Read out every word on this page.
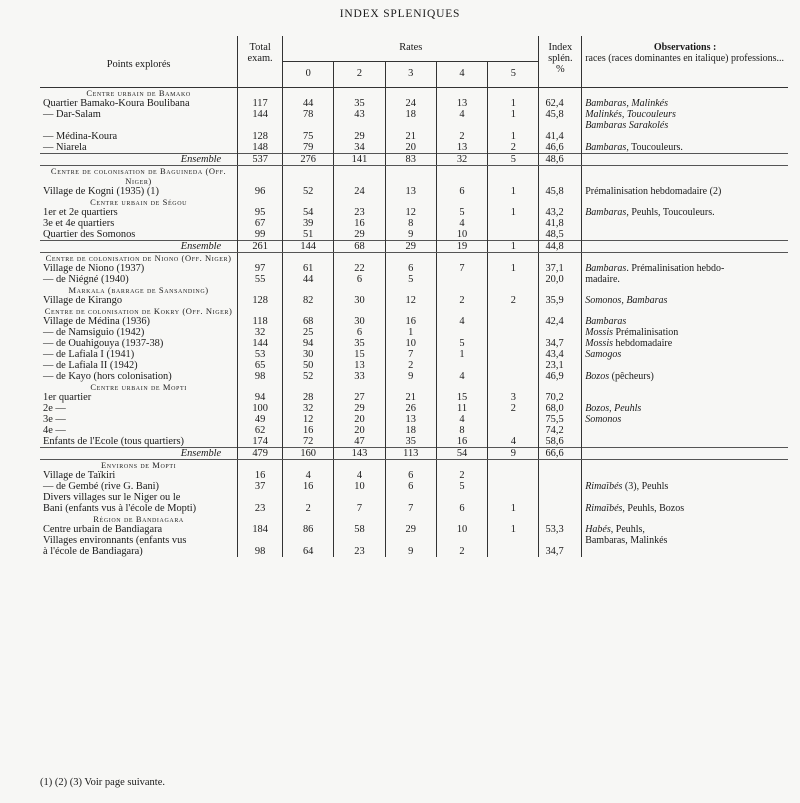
INDEX SPLENIQUES
Points explorés	Total
exam.	Rates					Index
splén.
%	Observations :
races (races dominantes en italique) professions...
		0	2	3	4	5		
Centre urbain de Bamako								
Quartier Bamako-Koura Boulibana	117	44	35	24	13	1	62,4	Bambaras, Malinkés
— Dar-Salam	144	78	43	18	4	1	45,8	Malinkés, Toucouleurs
								Bambaras Sarakolés
— Médina-Koura	128	75	29	21	2	1	41,4	
— Niarela	148	79	34	20	13	2	46,6	Bambaras, Toucouleurs.
Ensemble	537	276	141	83	32	5	48,6	
Centre de colonisation de Baguineda (Off. Niger)								
Village de Kogni (1935) (1)	96	52	24	13	6	1	45,8	Prémalinisation hebdomadaire (2)
Centre urbain de Ségou								
1er et 2e quartiers	95	54	23	12	5	1	43,2	Bambaras, Peuhls, Toucouleurs.
3e et 4e quartiers	67	39	16	8	4		41,8	
Quartier des Somonos	99	51	29	9	10		48,5	
Ensemble	261	144	68	29	19	1	44,8	
Centre de colonisation de Niono (Off. Niger)								
Village de Niono (1937)	97	61	22	6	7	1	37,1	Bambaras. Prémalinisation hebdo-
— de Niégné (1940)	55	44	6	5			20,0	madaire.
Markala (barrage de Sansanding)								
Village de Kirango	128	82	30	12	2	2	35,9	Somonos, Bambaras
Centre de colonisation de Kokry (Off. Niger)								
Village de Médina (1936)	118	68	30	16	4		42,4	Bambaras
— de Namsiguio (1942)	32	25	6	1				Mossis Prémalinisation
— de Ouahigouya (1937-38)	144	94	35	10	5		34,7	Mossis hebdomadaire
— de Lafiala I (1941)	53	30	15	7	1		43,4	Samogos
— de Lafiala II (1942)	65	50	13	2			23,1	
— de Kayo (hors colonisation)	98	52	33	9	4		46,9	Bozos (pêcheurs)
Centre urbain de Mopti								
1er quartier	94	28	27	21	15	3	70,2	
2e —	100	32	29	26	11	2	68,0	Bozos, Peuhls
3e —	49	12	20	13	4		75,5	Somonos
4e —	62	16	20	18	8		74,2	
Enfants de l'Ecole (tous quartiers)	174	72	47	35	16	4	58,6	
Ensemble	479	160	143	113	54	9	66,6	
Environs de Mopti								
Village de Taïkiri	16	4	4	6	2			
— de Gembé (rive G. Bani)	37	16	10	6	5			Rimaïbés (3), Peuhls
Divers villages sur le Niger ou le								
Bani (enfants vus à l'école de Mopti)	23	2	7	7	6	1		Rimaïbés, Peuhls, Bozos
Région de Bandiagara								
Centre urbain de Bandiagara	184	86	58	29	10	1	53,3	Habés, Peuhls,
Villages environnants (enfants vus								Bambaras, Malinkés
à l'école de Bandiagara)	98	64	23	9	2		34,7	
(1) (2) (3) Voir page suivante.
